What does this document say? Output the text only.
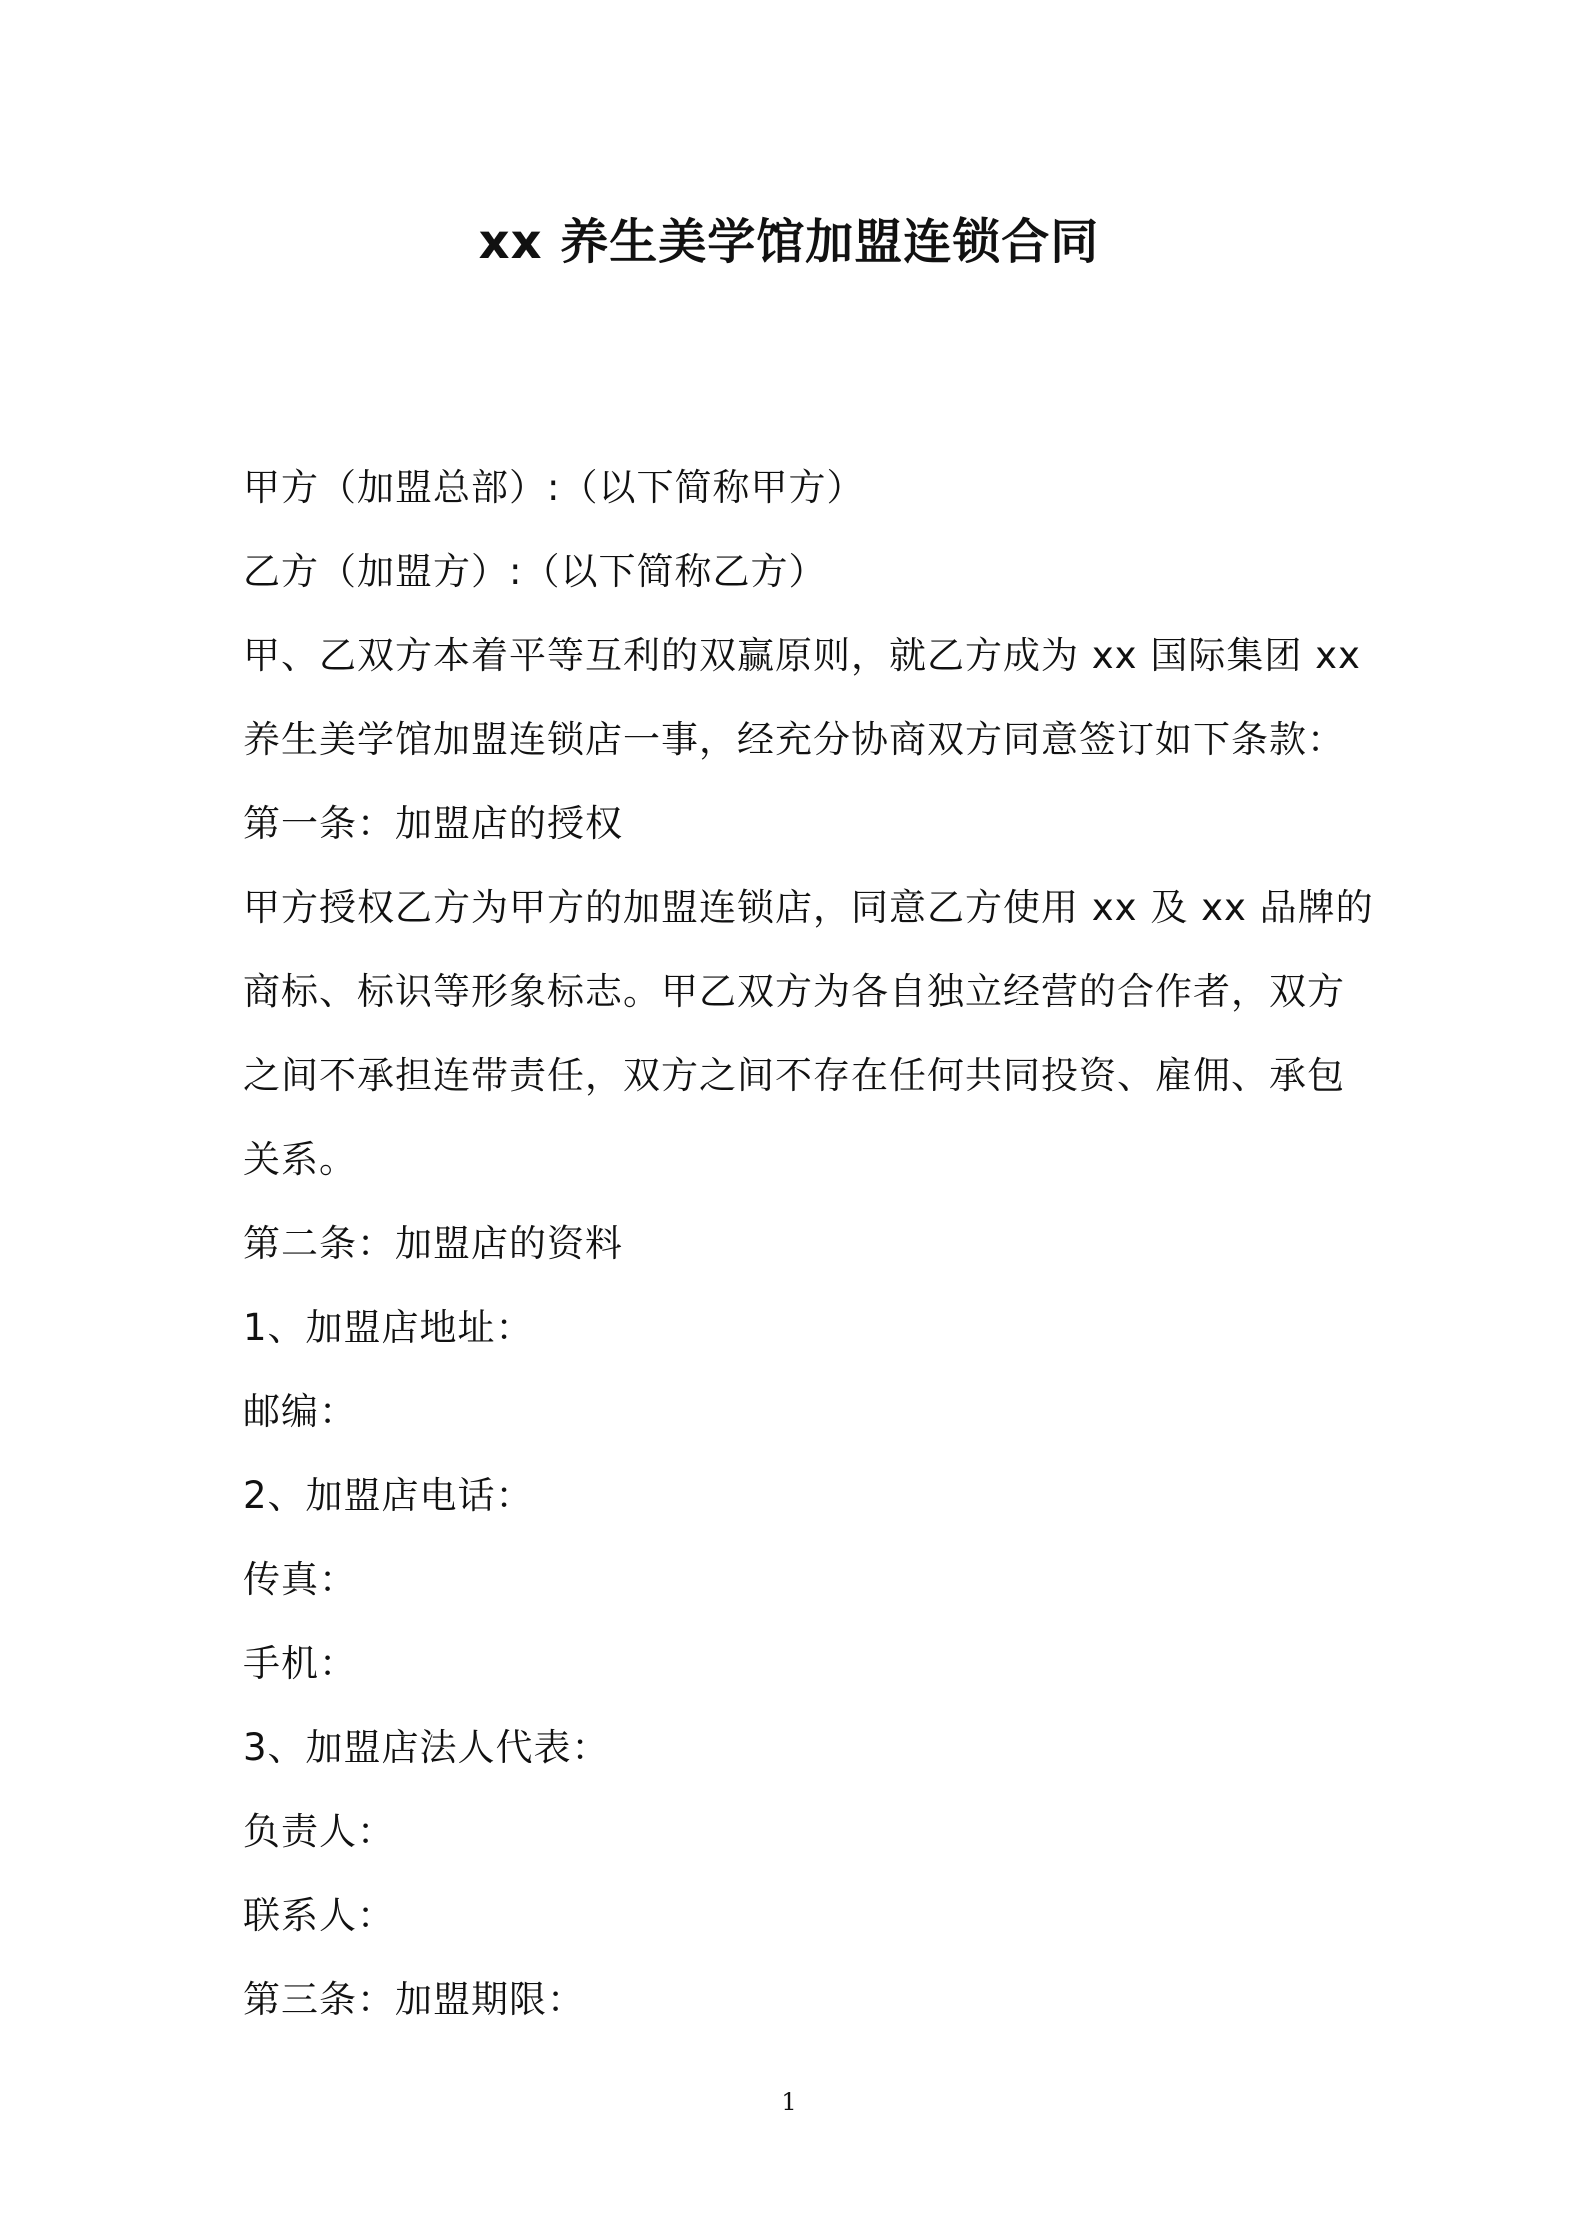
xx 养生美学馆加盟连锁合同
甲方（加盟总部）:（以下简称甲方）
乙方（加盟方）:（以下简称乙方）
甲、乙双方本着平等互利的双赢原则，就乙方成为 xx 国际集团 xx
养生美学馆加盟连锁店一事，经充分协商双方同意签订如下条款：
第一条：加盟店的授权
甲方授权乙方为甲方的加盟连锁店，同意乙方使用 xx 及 xx 品牌的
商标、标识等形象标志。甲乙双方为各自独立经营的合作者，双方
之间不承担连带责任，双方之间不存在任何共同投资、雇佣、承包
关系。
第二条：加盟店的资料
1、加盟店地址：
邮编：
2、加盟店电话：
传真：
手机：
3、加盟店法人代表：
负责人：
联系人：
第三条：加盟期限：
1
